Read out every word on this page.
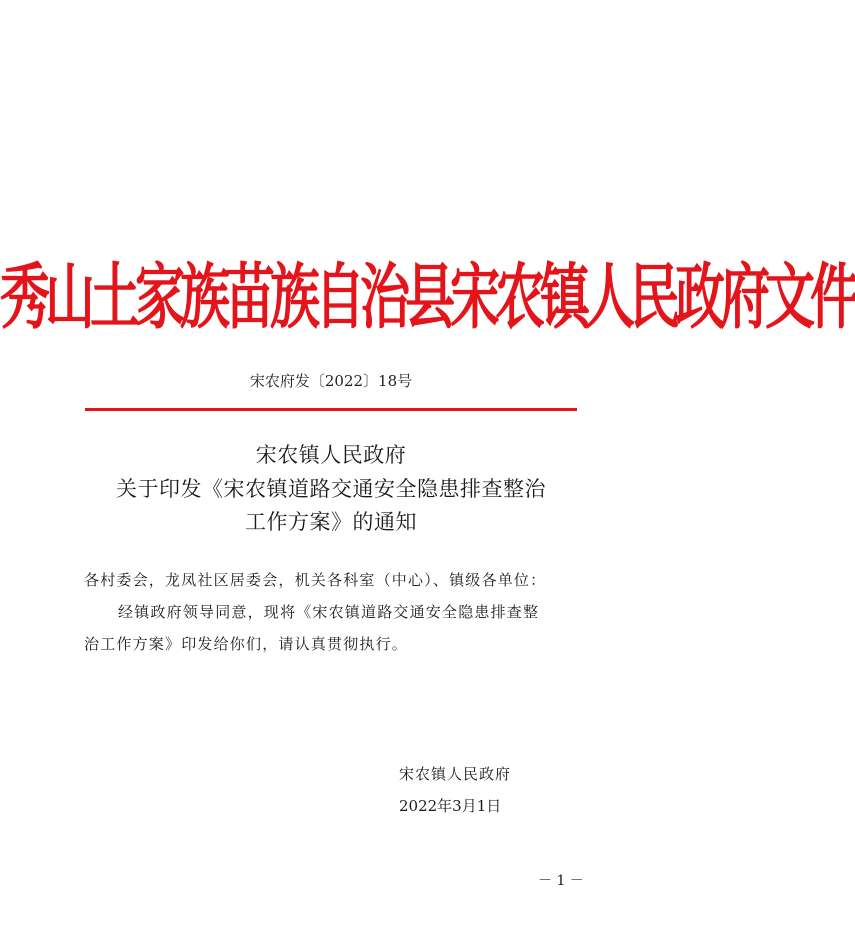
秀山土家族苗族自治县宋农镇人民政府文件
宋农府发〔2022〕18号
宋农镇人民政府
关于印发《宋农镇道路交通安全隐患排查整治
工作方案》的通知
各村委会，龙凤社区居委会，机关各科室（中心）、镇级各单位：
经镇政府领导同意，现将《宋农镇道路交通安全隐患排查整
治工作方案》印发给你们，请认真贯彻执行。
宋农镇人民政府
2022年3月1日
－ 1 －
